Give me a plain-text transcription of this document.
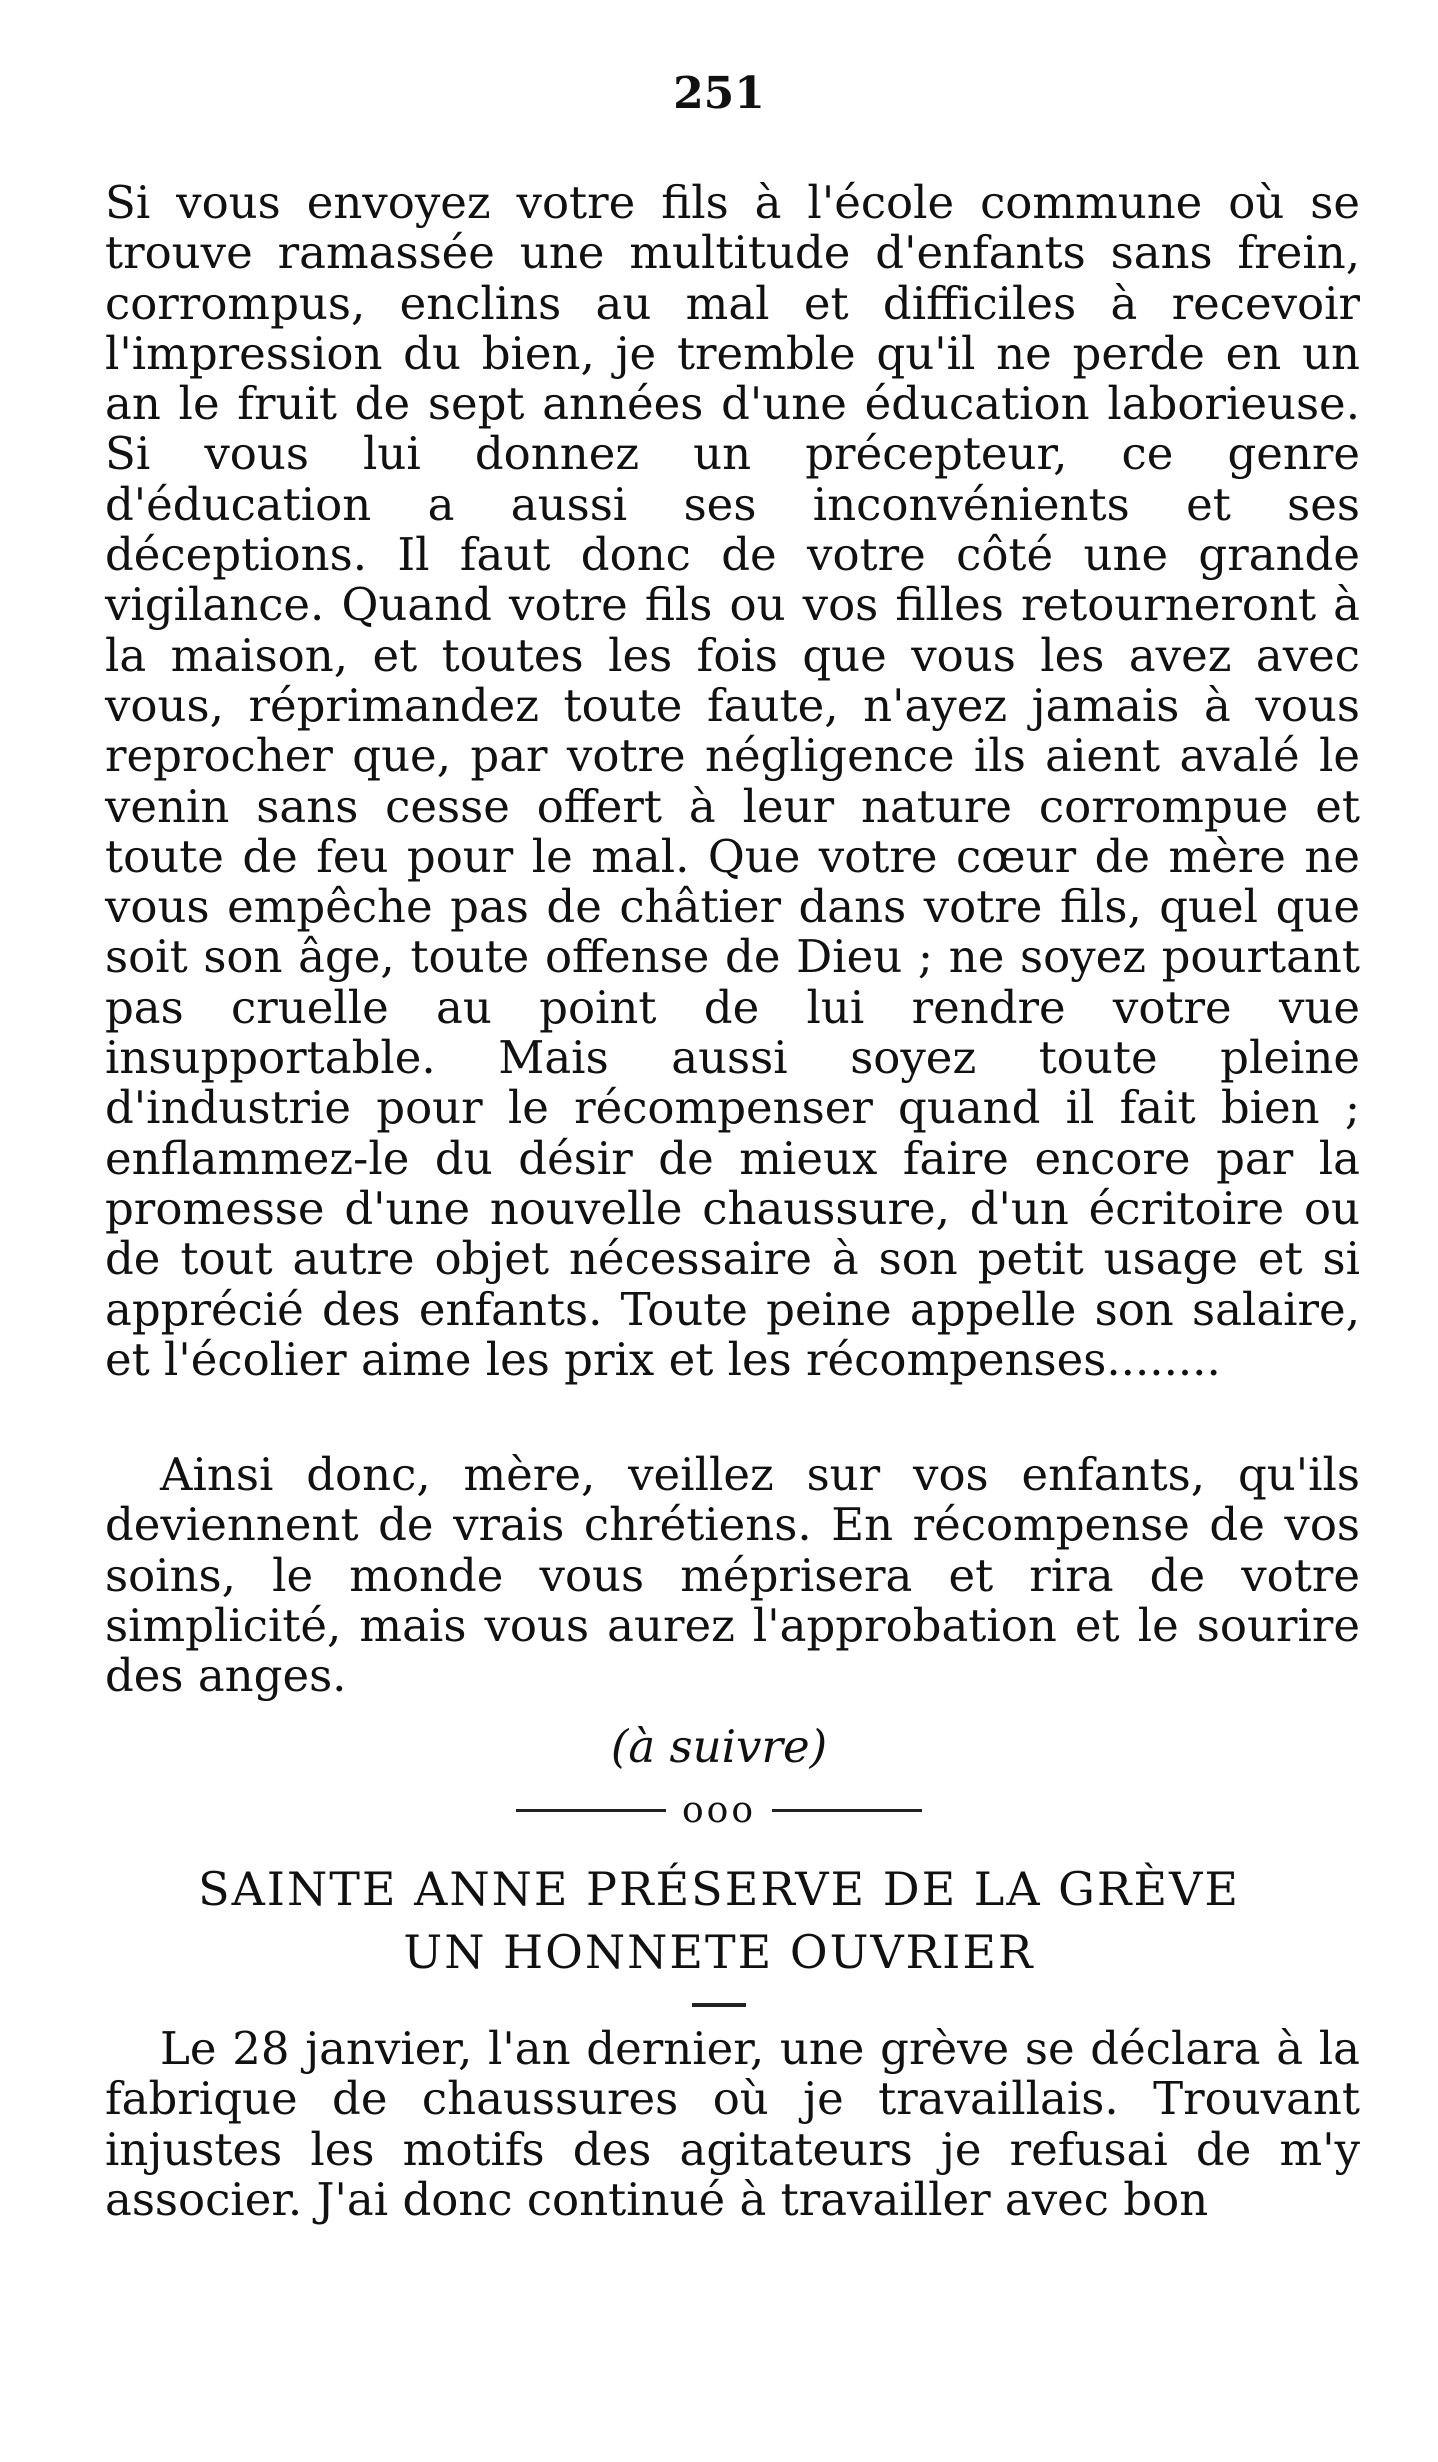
251

Si vous envoyez votre fils à l'école commune où se trouve ramassée une multitude d'enfants sans frein, corrompus, enclins au mal et difficiles à recevoir l'impression du bien, je tremble qu'il ne perde en un an le fruit de sept années d'une éducation laborieuse. Si vous lui donnez un précepteur, ce genre d'éducation a aussi ses inconvénients et ses déceptions. Il faut donc de votre côté une grande vigilance. Quand votre fils ou vos filles retourneront à la maison, et toutes les fois que vous les avez avec vous, réprimandez toute faute, n'ayez jamais à vous reprocher que, par votre négligence ils aient avalé le venin sans cesse offert à leur nature corrompue et toute de feu pour le mal. Que votre cœur de mère ne vous empêche pas de châtier dans votre fils, quel que soit son âge, toute offense de Dieu ; ne soyez pourtant pas cruelle au point de lui rendre votre vue insupportable. Mais aussi soyez toute pleine d'industrie pour le récompenser quand il fait bien ; enflammez-le du désir de mieux faire encore par la promesse d'une nouvelle chaussure, d'un écritoire ou de tout autre objet nécessaire à son petit usage et si apprécié des enfants. Toute peine appelle son salaire, et l'écolier aime les prix et les récompenses........

Ainsi donc, mère, veillez sur vos enfants, qu'ils deviennent de vrais chrétiens. En récompense de vos soins, le monde vous méprisera et rira de votre simplicité, mais vous aurez l'approbation et le sourire des anges.

(à suivre)
ooo
SAINTE ANNE PRÉSERVE DE LA GRÈVE
UN HONNETE OUVRIER

Le 28 janvier, l'an dernier, une grève se déclara à la fabrique de chaussures où je travaillais. Trouvant injustes les motifs des agitateurs je refusai de m'y associer. J'ai donc continué à travailler avec bon
